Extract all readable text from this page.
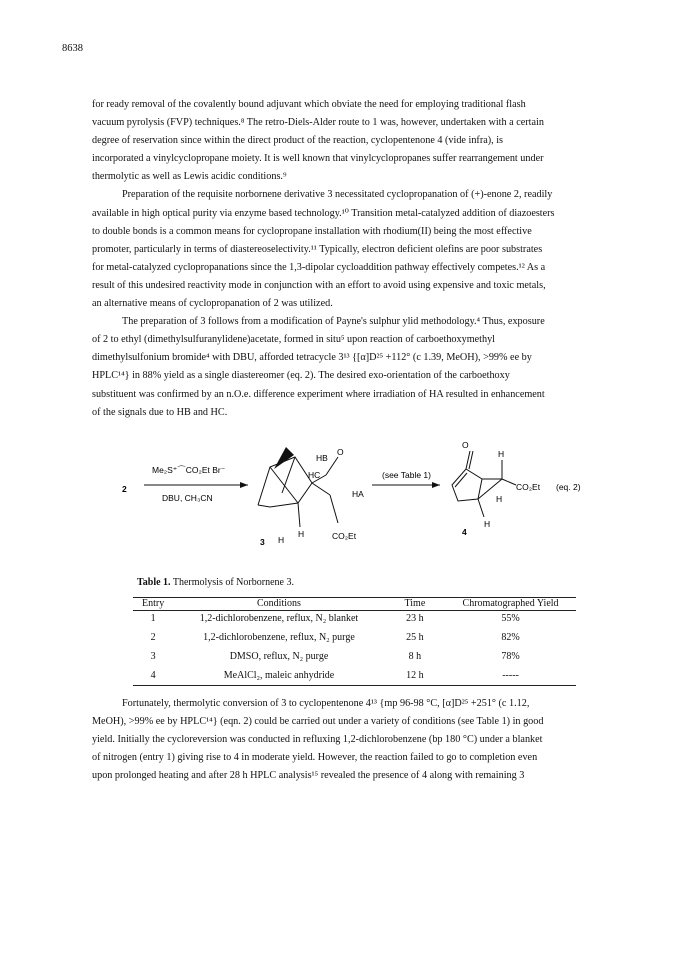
8638
for ready removal of the covalently bound adjuvant which obviate the need for employing traditional flash
vacuum pyrolysis (FVP) techniques.⁸ The retro-Diels-Alder route to 1 was, however, undertaken with a certain
degree of reservation since within the direct product of the reaction, cyclopentenone 4 (vide infra), is
incorporated a vinylcyclopropane moiety. It is well known that vinylcyclopropanes suffer rearrangement under
thermolytic as well as Lewis acidic conditions.⁹
Preparation of the requisite norbornene derivative 3 necessitated cyclopropanation of (+)-enone 2, readily
available in high optical purity via enzyme based technology.¹⁰ Transition metal-catalyzed addition of diazoesters
to double bonds is a common means for cyclopropane installation with rhodium(II) being the most effective
promoter, particularly in terms of diastereoselectivity.¹¹ Typically, electron deficient olefins are poor substrates
for metal-catalyzed cyclopropanations since the 1,3-dipolar cycloaddition pathway effectively competes.¹² As a
result of this undesired reactivity mode in conjunction with an effort to avoid using expensive and toxic metals,
an alternative means of cyclopropanation of 2 was utilized.
The preparation of 3 follows from a modification of Payne's sulphur ylid methodology.⁴ Thus, exposure
of 2 to ethyl (dimethylsulfuranylidene)acetate, formed in situ⁵ upon reaction of carboethoxymethyl
dimethylsulfonium bromide⁴ with DBU, afforded tetracycle 3¹³ {[α]D²⁵ +112° (c 1.39, MeOH), >99% ee by
HPLC¹⁴} in 88% yield as a single diastereomer (eq. 2). The desired exo-orientation of the carboethoxy
substituent was confirmed by an n.O.e. difference experiment where irradiation of HA resulted in enhancement
of the signals due to HB and HC.
2
Me₂S⁺⌒CO₂Et Br⁻
DBU, CH₃CN
HB
O
HC
HA
H
H	CO₂Et
3
(see Table 1)
O
H
CO₂Et
H
H
4
(eq. 2)
Table 1. Thermolysis of Norbornene 3.
Entry	Conditions	Time	Chromatographed Yield
1	1,2-dichlorobenzene, reflux, N₂ blanket	23 h	55%
2	1,2-dichlorobenzene, reflux, N₂ purge	25 h	82%
3	DMSO, reflux, N₂ purge	8 h	78%
4	MeAlCl₂, maleic anhydride	12 h	-----
Fortunately, thermolytic conversion of 3 to cyclopentenone 4¹³ {mp 96-98 °C, [α]D²⁵ +251° (c 1.12,
MeOH), >99% ee by HPLC¹⁴} (eqn. 2) could be carried out under a variety of conditions (see Table 1) in good
yield. Initially the cycloreversion was conducted in refluxing 1,2-dichlorobenzene (bp 180 °C) under a blanket
of nitrogen (entry 1) giving rise to 4 in moderate yield. However, the reaction failed to go to completion even
upon prolonged heating and after 28 h HPLC analysis¹⁵ revealed the presence of 4 along with remaining 3
